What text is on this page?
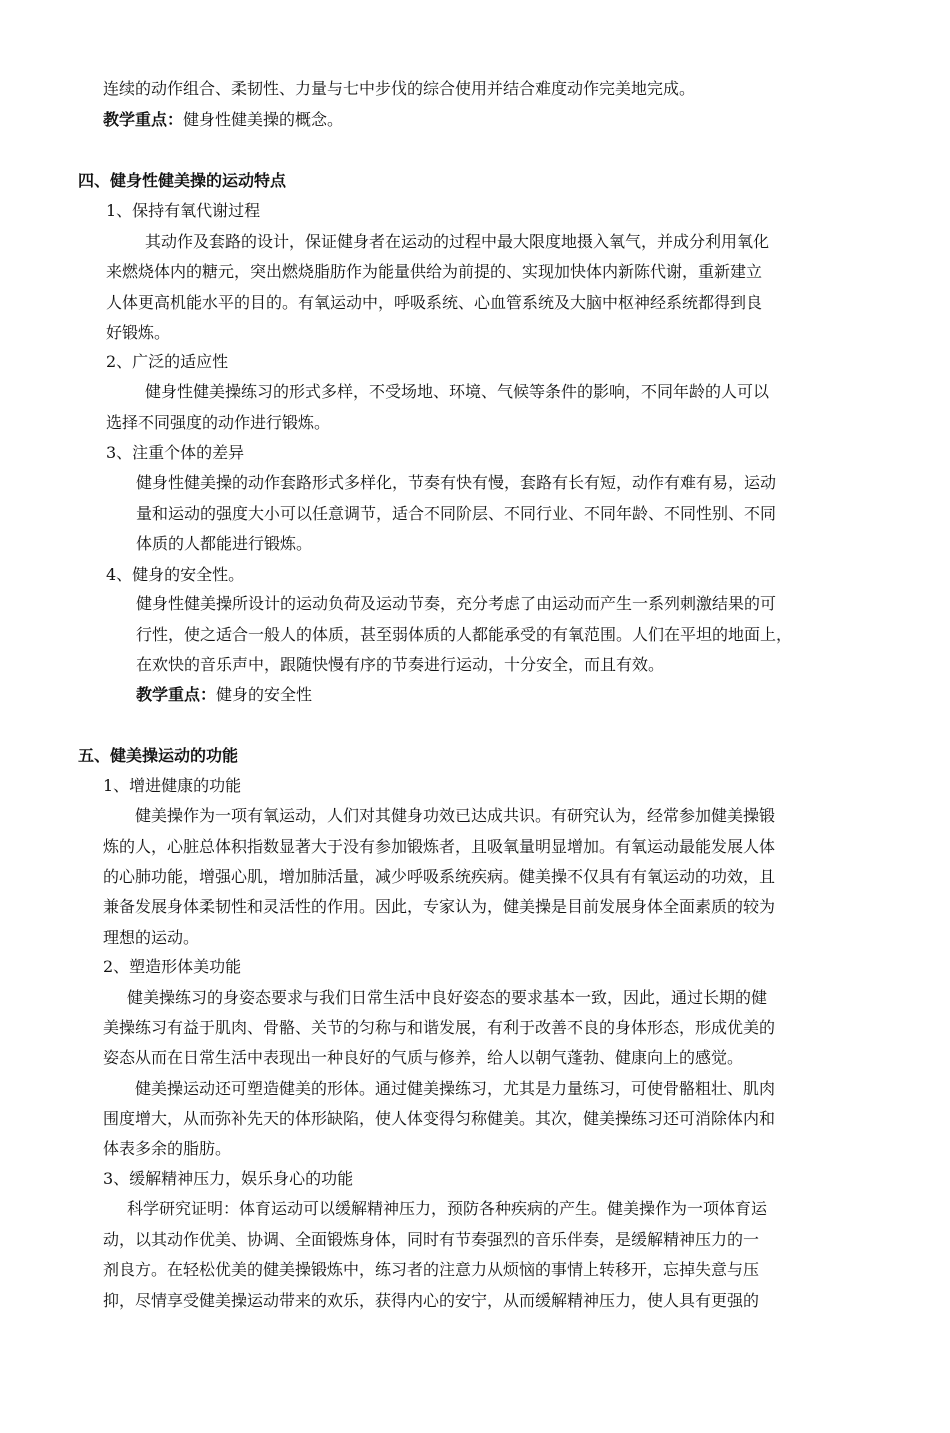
连续的动作组合、柔韧性、力量与七中步伐的综合使用并结合难度动作完美地完成。

教学重点：健身性健美操的概念。

四、健身性健美操的运动特点

1、保持有氧代谢过程

其动作及套路的设计，保证健身者在运动的过程中最大限度地摄入氧气，并成分利用氧化

来燃烧体内的糖元，突出燃烧脂肪作为能量供给为前提的、实现加快体内新陈代谢，重新建立

人体更高机能水平的目的。有氧运动中，呼吸系统、心血管系统及大脑中枢神经系统都得到良

好锻炼。

2、广泛的适应性

健身性健美操练习的形式多样，不受场地、环境、气候等条件的影响，不同年龄的人可以

选择不同强度的动作进行锻炼。

3、注重个体的差异

健身性健美操的动作套路形式多样化，节奏有快有慢，套路有长有短，动作有难有易，运动

量和运动的强度大小可以任意调节，适合不同阶层、不同行业、不同年龄、不同性别、不同

体质的人都能进行锻炼。

4、健身的安全性。

健身性健美操所设计的运动负荷及运动节奏，充分考虑了由运动而产生一系列刺激结果的可

行性，使之适合一般人的体质，甚至弱体质的人都能承受的有氧范围。人们在平坦的地面上，

在欢快的音乐声中，跟随快慢有序的节奏进行运动，十分安全，而且有效。

教学重点：健身的安全性

五、健美操运动的功能

1、增进健康的功能

健美操作为一项有氧运动，人们对其健身功效已达成共识。有研究认为，经常参加健美操锻

炼的人，心脏总体积指数显著大于没有参加锻炼者，且吸氧量明显增加。有氧运动最能发展人体

的心肺功能，增强心肌，增加肺活量，减少呼吸系统疾病。健美操不仅具有有氧运动的功效，且

兼备发展身体柔韧性和灵活性的作用。因此，专家认为，健美操是目前发展身体全面素质的较为

理想的运动。

2、塑造形体美功能

健美操练习的身姿态要求与我们日常生活中良好姿态的要求基本一致，因此，通过长期的健

美操练习有益于肌肉、骨骼、关节的匀称与和谐发展，有利于改善不良的身体形态，形成优美的

姿态从而在日常生活中表现出一种良好的气质与修养，给人以朝气蓬勃、健康向上的感觉。

健美操运动还可塑造健美的形体。通过健美操练习，尤其是力量练习，可使骨骼粗壮、肌肉

围度增大，从而弥补先天的体形缺陷，使人体变得匀称健美。其次，健美操练习还可消除体内和

体表多余的脂肪。

3、缓解精神压力，娱乐身心的功能

科学研究证明：体育运动可以缓解精神压力，预防各种疾病的产生。健美操作为一项体育运

动，以其动作优美、协调、全面锻炼身体，同时有节奏强烈的音乐伴奏，是缓解精神压力的一

剂良方。在轻松优美的健美操锻炼中，练习者的注意力从烦恼的事情上转移开，忘掉失意与压

抑，尽情享受健美操运动带来的欢乐，获得内心的安宁，从而缓解精神压力，使人具有更强的
